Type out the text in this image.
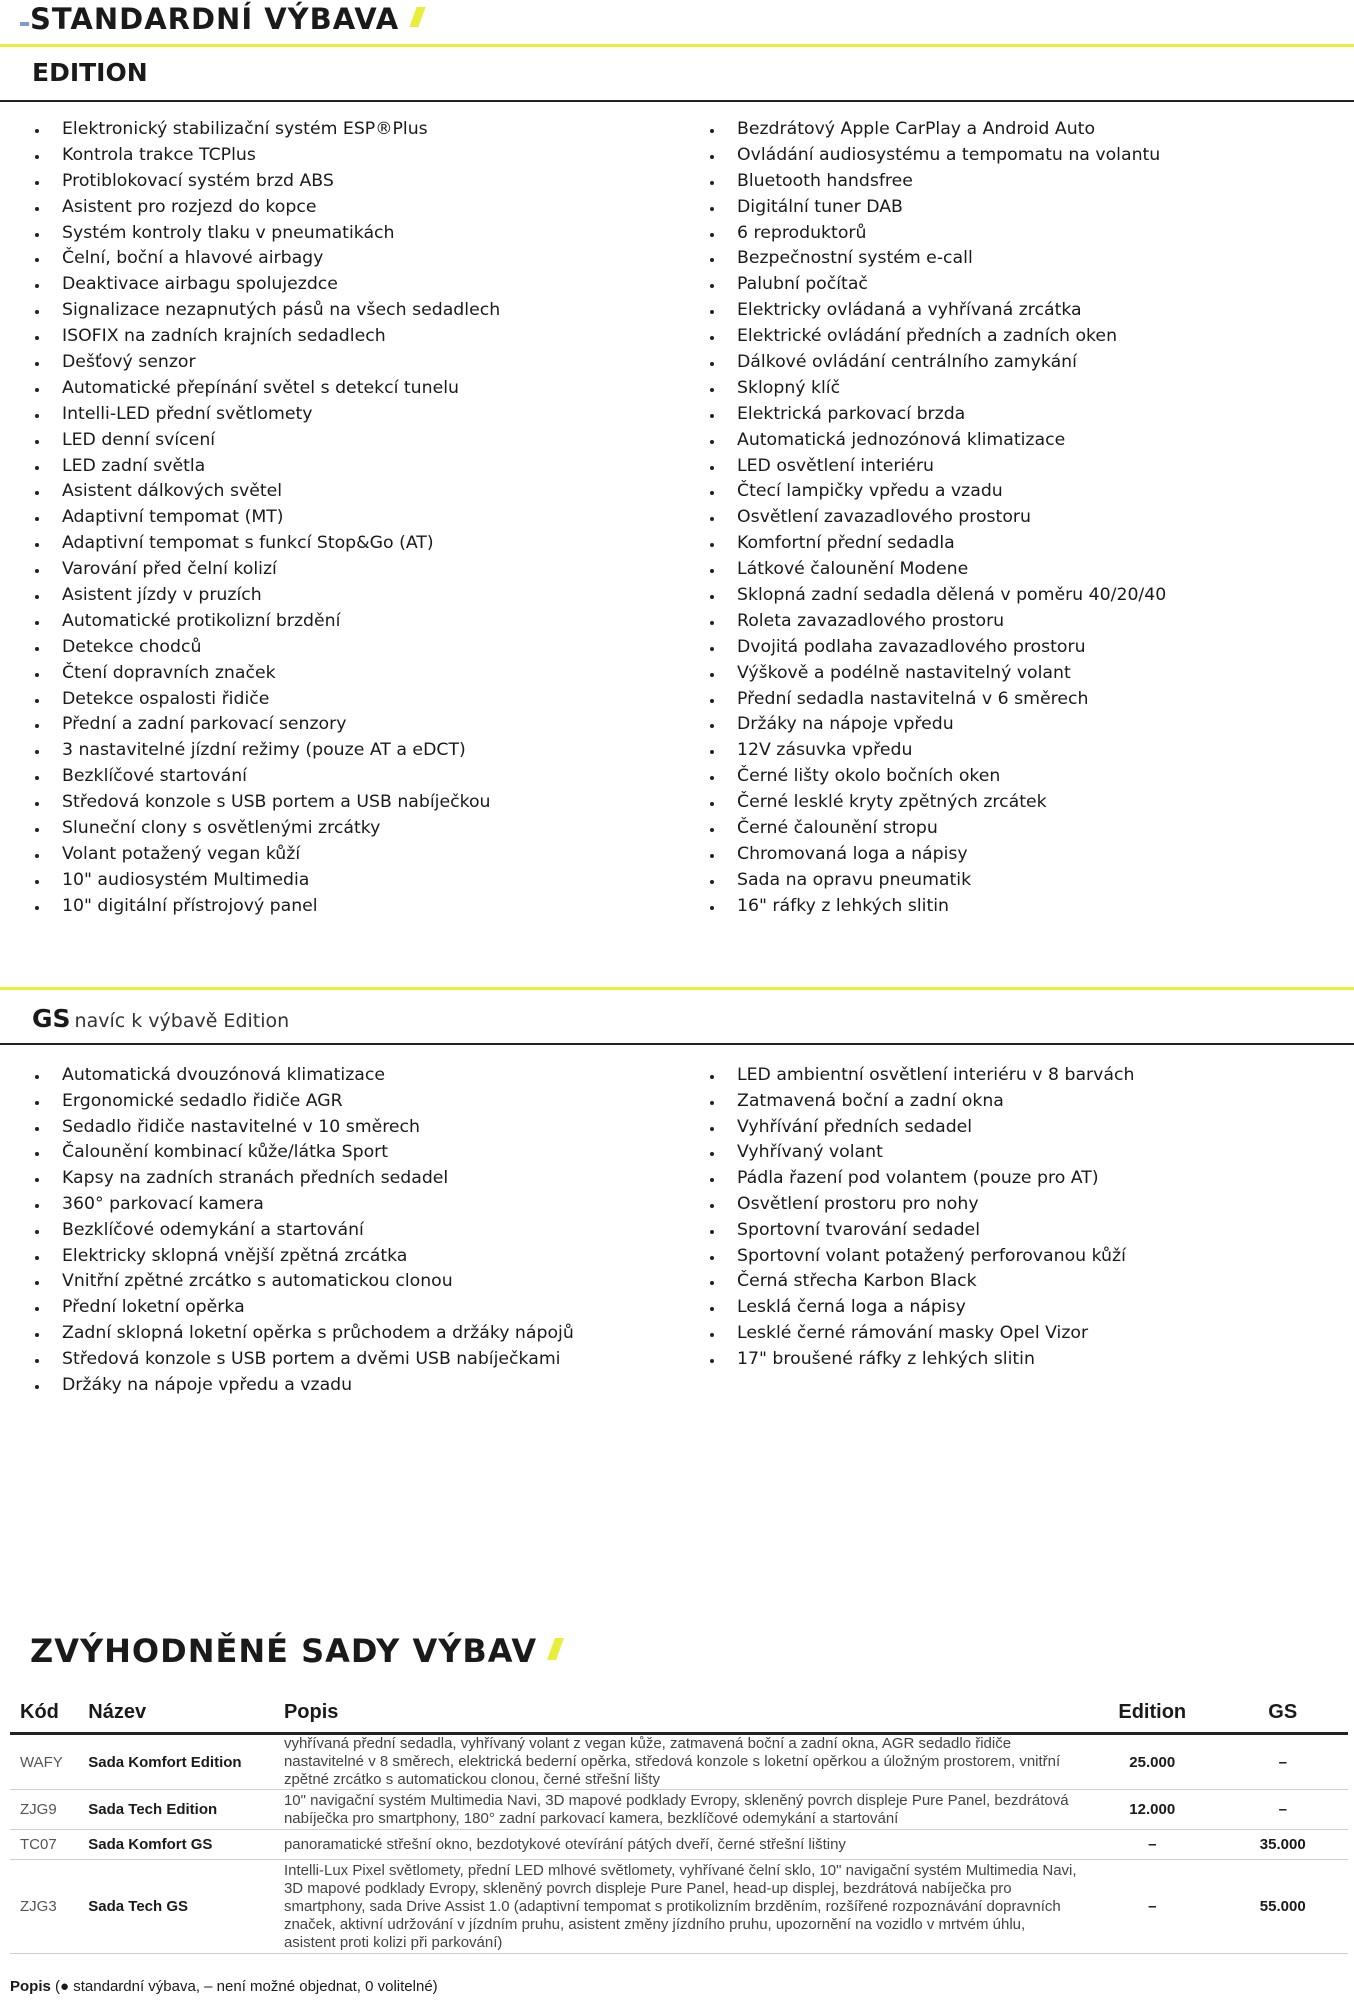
STANDARDNÍ VÝBAVA
EDITION
Elektronický stabilizační systém ESP®Plus
Kontrola trakce TCPlus
Protiblokovací systém brzd ABS
Asistent pro rozjezd do kopce
Systém kontroly tlaku v pneumatikách
Čelní, boční a hlavové airbagy
Deaktivace airbagu spolujezdce
Signalizace nezapnutých pásů na všech sedadlech
ISOFIX na zadních krajních sedadlech
Dešťový senzor
Automatické přepínání světel s detekcí tunelu
Intelli-LED přední světlomety
LED denní svícení
LED zadní světla
Asistent dálkových světel
Adaptivní tempomat (MT)
Adaptivní tempomat s funkcí Stop&Go (AT)
Varování před čelní kolizí
Asistent jízdy v pruzích
Automatické protikolizní brzdění
Detekce chodců
Čtení dopravních značek
Detekce ospalosti řidiče
Přední a zadní parkovací senzory
3 nastavitelné jízdní režimy (pouze AT a eDCT)
Bezklíčové startování
Středová konzole s USB portem a USB nabíječkou
Sluneční clony s osvětlenými zrcátky
Volant potažený vegan kůží
10" audiosystém Multimedia
10" digitální přístrojový panel
Bezdrátový Apple CarPlay a Android Auto
Ovládání audiosystému a tempomatu na volantu
Bluetooth handsfree
Digitální tuner DAB
6 reproduktorů
Bezpečnostní systém e-call
Palubní počítač
Elektricky ovládaná a vyhřívaná zrcátka
Elektrické ovládání předních a zadních oken
Dálkové ovládání centrálního zamykání
Sklopný klíč
Elektrická parkovací brzda
Automatická jednozónová klimatizace
LED osvětlení interiéru
Čtecí lampičky vpředu a vzadu
Osvětlení zavazadlového prostoru
Komfortní přední sedadla
Látkové čalounění Modene
Sklopná zadní sedadla dělená v poměru 40/20/40
Roleta zavazadlového prostoru
Dvojitá podlaha zavazadlového prostoru
Výškově a podélně nastavitelný volant
Přední sedadla nastavitelná v 6 směrech
Držáky na nápoje vpředu
12V zásuvka vpředu
Černé lišty okolo bočních oken
Černé lesklé kryty zpětných zrcátek
Černé čalounění stropu
Chromovaná loga a nápisy
Sada na opravu pneumatik
16" ráfky z lehkých slitin
GS navíc k výbavě Edition
Automatická dvouzónová klimatizace
Ergonomické sedadlo řidiče AGR
Sedadlo řidiče nastavitelné v 10 směrech
Čalounění kombinací kůže/látka Sport
Kapsy na zadních stranách předních sedadel
360° parkovací kamera
Bezklíčové odemykání a startování
Elektricky sklopná vnější zpětná zrcátka
Vnitřní zpětné zrcátko s automatickou clonou
Přední loketní opěrka
Zadní sklopná loketní opěrka s průchodem a držáky nápojů
Středová konzole s USB portem a dvěmi USB nabíječkami
Držáky na nápoje vpředu a vzadu
LED ambientní osvětlení interiéru v 8 barvách
Zatmavená boční a zadní okna
Vyhřívání předních sedadel
Vyhřívaný volant
Pádla řazení pod volantem (pouze pro AT)
Osvětlení prostoru pro nohy
Sportovní tvarování sedadel
Sportovní volant potažený perforovanou kůží
Černá střecha Karbon Black
Lesklá černá loga a nápisy
Lesklé černé rámování masky Opel Vizor
17" broušené ráfky z lehkých slitin
ZVÝHODNĚNÉ SADY VÝBAV
Kód	Název	Popis	Edition	GS
WAFY	Sada Komfort Edition	vyhřívaná přední sedadla, vyhřívaný volant z vegan kůže, zatmavená boční a zadní okna, AGR sedadlo řidiče nastavitelné v 8 směrech, elektrická bederní opěrka, středová konzole s loketní opěrkou a úložným prostorem, vnitřní zpětné zrcátko s automatickou clonou, černé střešní lišty	25.000	–
ZJG9	Sada Tech Edition	10" navigační systém Multimedia Navi, 3D mapové podklady Evropy, skleněný povrch displeje Pure Panel, bezdrátová nabíječka pro smartphony, 180° zadní parkovací kamera, bezklíčové odemykání a startování	12.000	–
TC07	Sada Komfort GS	panoramatické střešní okno, bezdotykové otevírání pátých dveří, černé střešní lištiny	–	35.000
ZJG3	Sada Tech GS	Intelli-Lux Pixel světlomety, přední LED mlhové světlomety, vyhřívané čelní sklo, 10" navigační systém Multimedia Navi, 3D mapové podklady Evropy, skleněný povrch displeje Pure Panel, head-up displej, bezdrátová nabíječka pro smartphony, sada Drive Assist 1.0 (adaptivní tempomat s protikolizním brzděním, rozšířené rozpoznávání dopravních značek, aktivní udržování v jízdním pruhu, asistent změny jízdního pruhu, upozornění na vozidlo v mrtvém úhlu, asistent proti kolizi při parkování)	–	55.000
Popis (● standardní výbava, – není možné objednat, 0 volitelné)
